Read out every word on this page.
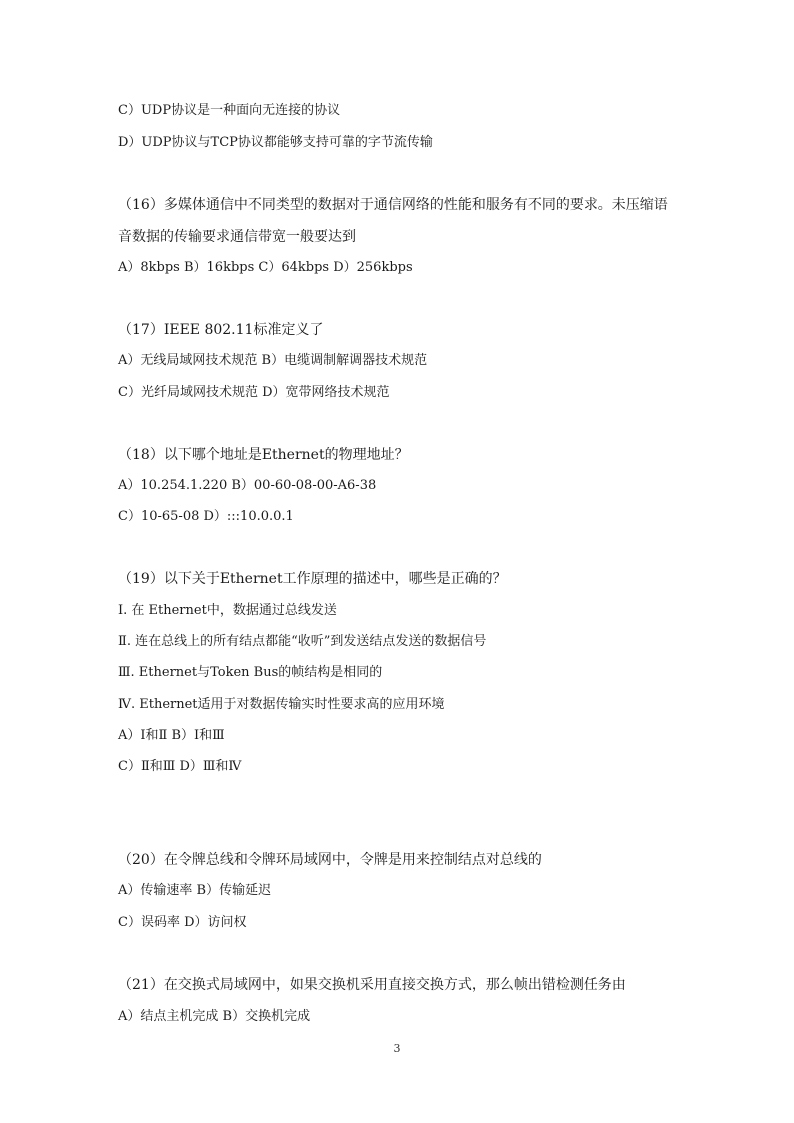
C）UDP协议是一种面向无连接的协议
D）UDP协议与TCP协议都能够支持可靠的字节流传输
（16）多媒体通信中不同类型的数据对于通信网络的性能和服务有不同的要求。未压缩语
音数据的传输要求通信带宽一般要达到
A）8kbps B）16kbps C）64kbps D）256kbps
（17）IEEE 802.11标准定义了
A）无线局域网技术规范 B）电缆调制解调器技术规范
C）光纤局域网技术规范 D）宽带网络技术规范
（18）以下哪个地址是Ethernet的物理地址？
A）10.254.1.220 B）00-60-08-00-A6-38
C）10-65-08 D）:::10.0.0.1
（19）以下关于Ethernet工作原理的描述中，哪些是正确的？
Ⅰ. 在 Ethernet中，数据通过总线发送
Ⅱ. 连在总线上的所有结点都能“收听”到发送结点发送的数据信号
Ⅲ. Ethernet与Token Bus的帧结构是相同的
Ⅳ. Ethernet适用于对数据传输实时性要求高的应用环境
A）Ⅰ和Ⅱ B）Ⅰ和Ⅲ
C）Ⅱ和Ⅲ D）Ⅲ和Ⅳ
（20）在令牌总线和令牌环局域网中，令牌是用来控制结点对总线的
A）传输速率 B）传输延迟
C）误码率 D）访问权
（21）在交换式局域网中，如果交换机采用直接交换方式，那么帧出错检测任务由
A）结点主机完成 B）交换机完成
3
